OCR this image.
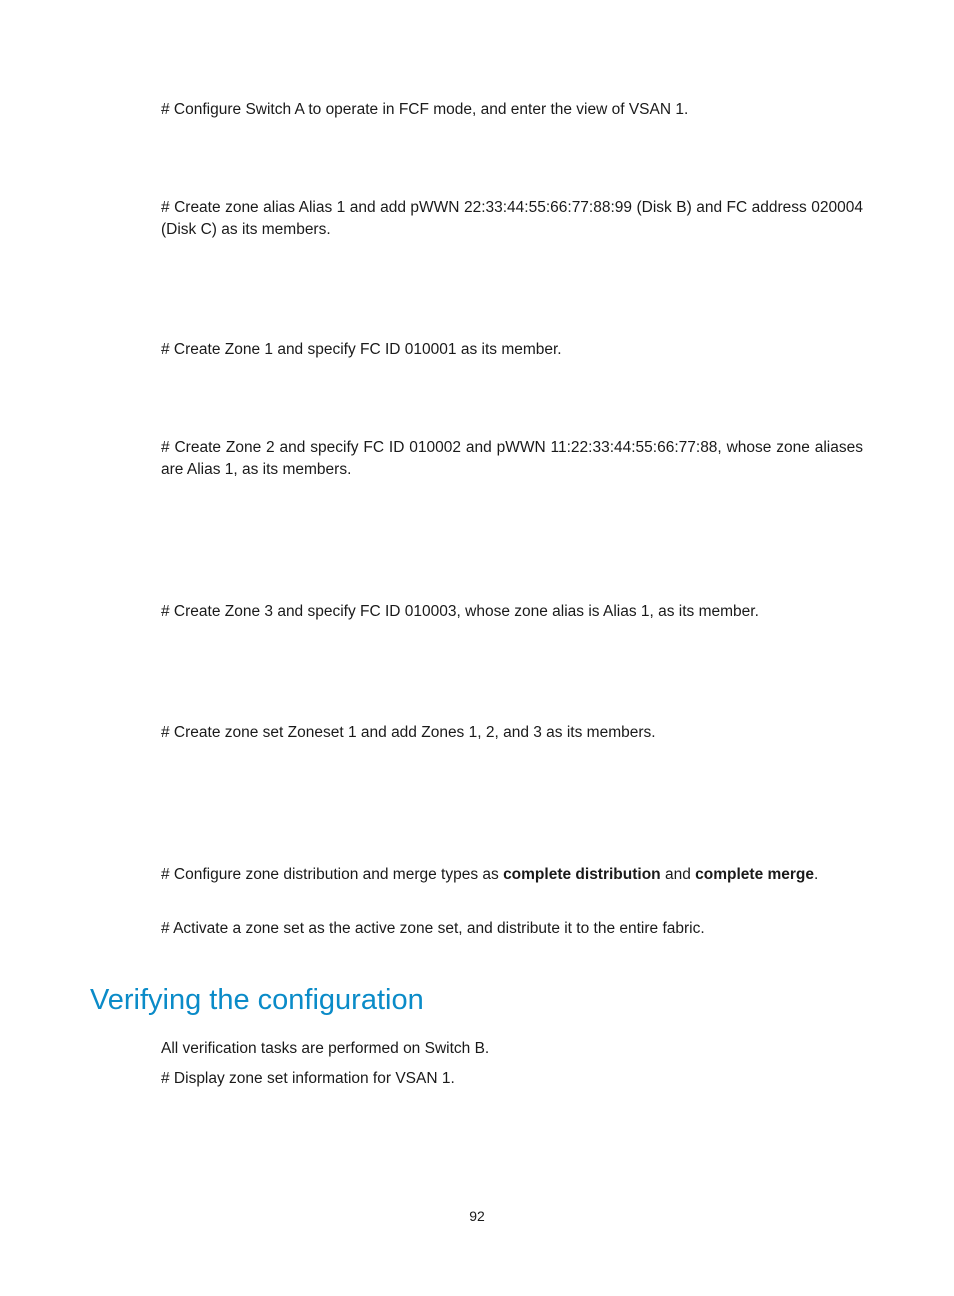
# Configure Switch A to operate in FCF mode, and enter the view of VSAN 1.

# Create zone alias Alias 1 and add pWWN 22:33:44:55:66:77:88:99 (Disk B) and FC address 020004 (Disk C) as its members.

# Create Zone 1 and specify FC ID 010001 as its member.

# Create Zone 2 and specify FC ID 010002 and pWWN 11:22:33:44:55:66:77:88, whose zone aliases are Alias 1, as its members.

# Create Zone 3 and specify FC ID 010003, whose zone alias is Alias 1, as its member.

# Create zone set Zoneset 1 and add Zones 1, 2, and 3 as its members.

# Configure zone distribution and merge types as complete distribution and complete merge.

# Activate a zone set as the active zone set, and distribute it to the entire fabric.

Verifying the configuration

All verification tasks are performed on Switch B.

# Display zone set information for VSAN 1.

92
